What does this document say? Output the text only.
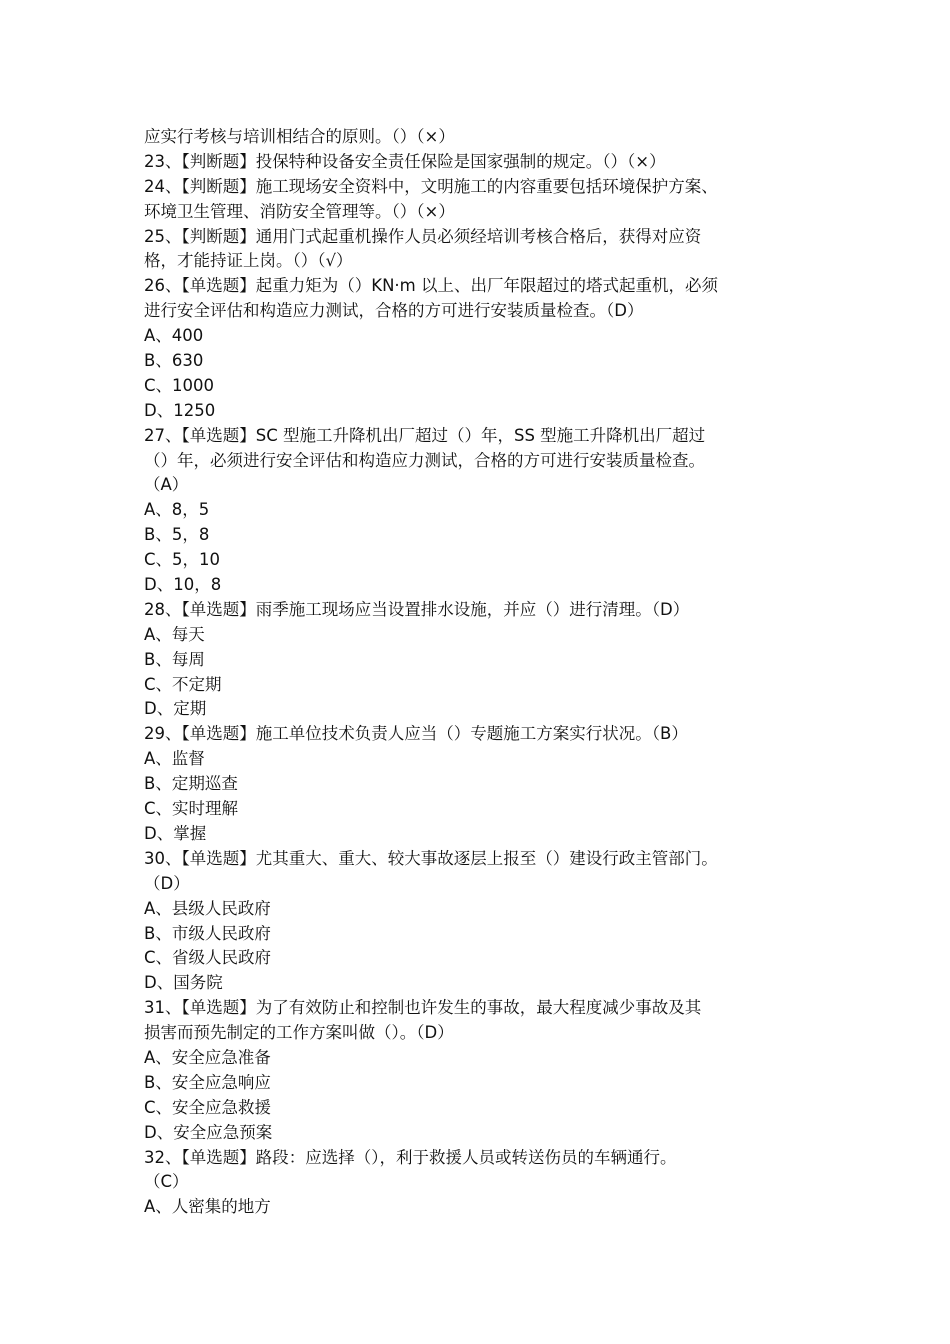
应实行考核与培训相结合的原则。（）（×）
23、【判断题】投保特种设备安全责任保险是国家强制的规定。（）（×）
24、【判断题】施工现场安全资料中，文明施工的内容重要包括环境保护方案、
环境卫生管理、消防安全管理等。（）（×）
25、【判断题】通用门式起重机操作人员必须经培训考核合格后，获得对应资
格，才能持证上岗。（）（√）
26、【单选题】起重力矩为（）KN·m 以上、出厂年限超过的塔式起重机，必须
进行安全评估和构造应力测试，合格的方可进行安装质量检查。（D）
A、400
B、630
C、1000
D、1250
27、【单选题】SC 型施工升降机出厂超过（）年，SS 型施工升降机出厂超过
（）年，必须进行安全评估和构造应力测试，合格的方可进行安装质量检查。
（A）
A、8，5
B、5，8
C、5，10
D、10，8
28、【单选题】雨季施工现场应当设置排水设施，并应（）进行清理。（D）
A、每天
B、每周
C、不定期
D、定期
29、【单选题】施工单位技术负责人应当（）专题施工方案实行状况。（B）
A、监督
B、定期巡查
C、实时理解
D、掌握
30、【单选题】尤其重大、重大、较大事故逐层上报至（）建设行政主管部门。
（D）
A、县级人民政府
B、市级人民政府
C、省级人民政府
D、国务院
31、【单选题】为了有效防止和控制也许发生的事故，最大程度减少事故及其
损害而预先制定的工作方案叫做（）。（D）
A、安全应急准备
B、安全应急响应
C、安全应急救援
D、安全应急预案
32、【单选题】路段：应选择（），利于救援人员或转送伤员的车辆通行。
（C）
A、人密集的地方
